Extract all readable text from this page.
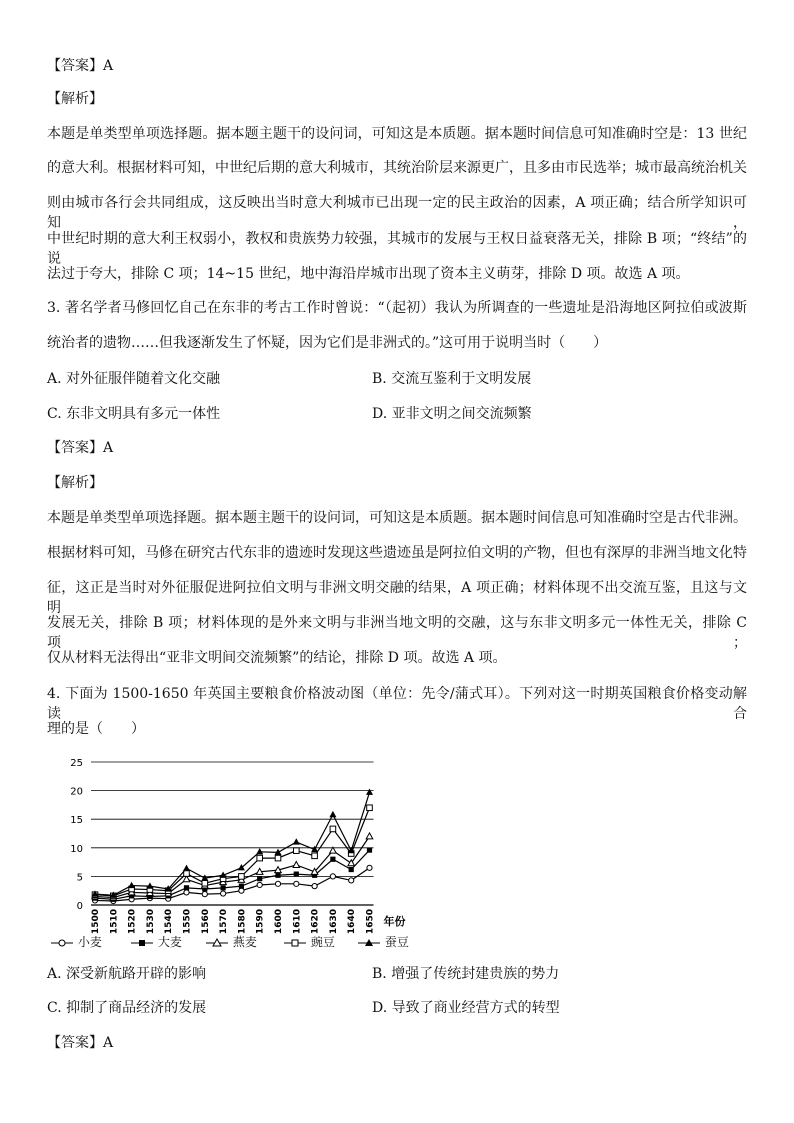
【答案】A
【解析】
本题是单类型单项选择题。据本题主题干的设问词，可知这是本质题。据本题时间信息可知准确时空是：13 世纪
的意大利。根据材料可知，中世纪后期的意大利城市，其统治阶层来源更广，且多由市民选举；城市最高统治机关
则由城市各行会共同组成，这反映出当时意大利城市已出现一定的民主政治的因素，A 项正确；结合所学知识可知，
中世纪时期的意大利王权弱小，教权和贵族势力较强，其城市的发展与王权日益衰落无关，排除 B 项；“终结”的说
法过于夸大，排除 C 项；14~15 世纪，地中海沿岸城市出现了资本主义萌芽，排除 D 项。故选 A 项。
3. 著名学者马修回忆自己在东非的考古工作时曾说：“（起初）我认为所调查的一些遗址是沿海地区阿拉伯或波斯
统治者的遗物……但我逐渐发生了怀疑，因为它们是非洲式的。”这可用于说明当时（　　）
A. 对外征服伴随着文化交融	B. 交流互鉴利于文明发展
C. 东非文明具有多元一体性	D. 亚非文明之间交流频繁
【答案】A
【解析】
本题是单类型单项选择题。据本题主题干的设问词，可知这是本质题。据本题时间信息可知准确时空是古代非洲。
根据材料可知，马修在研究古代东非的遗迹时发现这些遗迹虽是阿拉伯文明的产物，但也有深厚的非洲当地文化特
征，这正是当时对外征服促进阿拉伯文明与非洲文明交融的结果，A 项正确；材料体现不出交流互鉴，且这与文明
发展无关，排除 B 项；材料体现的是外来文明与非洲当地文明的交融，这与东非文明多元一体性无关，排除 C 项；
仅从材料无法得出“亚非文明间交流频繁”的结论，排除 D 项。故选 A 项。
4. 下面为 1500-1650 年英国主要粮食价格波动图（单位：先令/蒲式耳）。下列对这一时期英国粮食价格变动解读合
理的是（　　）
0
5
10
15
20
25
1500 1510 1520 1530 1540 1550 1560 1570 1580 1590 1600 1610 1620 1630 1640 1650 年份
小麦	大麦	燕麦	豌豆	蚕豆
A. 深受新航路开辟的影响	B. 增强了传统封建贵族的势力
C. 抑制了商品经济的发展	D. 导致了商业经营方式的转型
【答案】A
